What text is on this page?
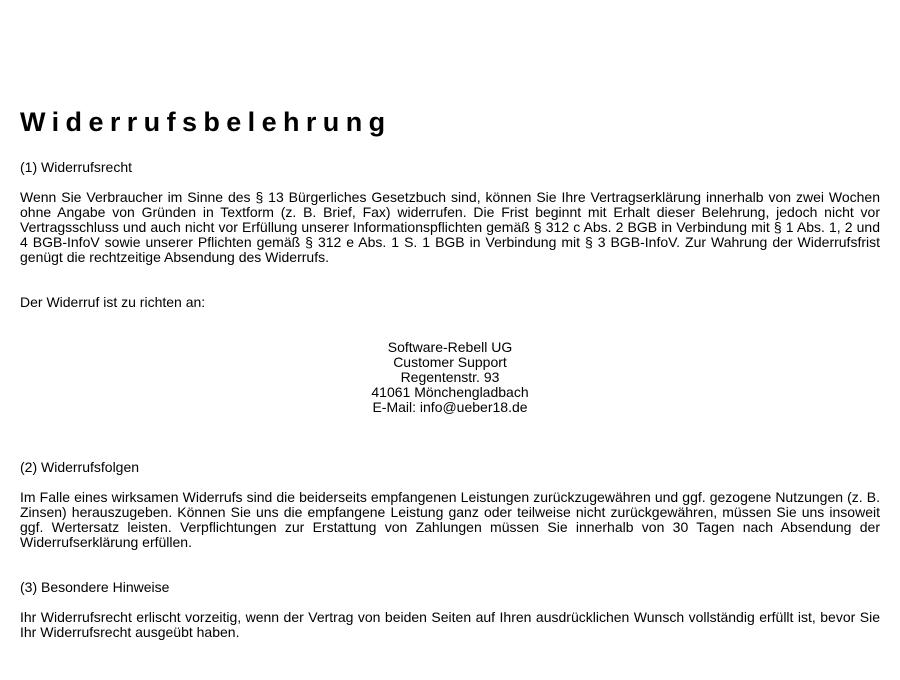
Widerrufsbelehrung

(1) Widerrufsrecht

Wenn Sie Verbraucher im Sinne des § 13 Bürgerliches Gesetzbuch sind, können Sie Ihre Vertragserklärung innerhalb von zwei Wochen ohne Angabe von Gründen in Textform (z. B. Brief, Fax) widerrufen. Die Frist beginnt mit Erhalt dieser Belehrung, jedoch nicht vor Vertragsschluss und auch nicht vor Erfüllung unserer Informationspflichten gemäß § 312 c Abs. 2 BGB in Verbindung mit § 1 Abs. 1, 2 und 4 BGB-InfoV sowie unserer Pflichten gemäß § 312 e Abs. 1 S. 1 BGB in Verbindung mit § 3 BGB-InfoV. Zur Wahrung der Widerrufsfrist genügt die rechtzeitige Absendung des Widerrufs.

Der Widerruf ist zu richten an:

Software-Rebell UG
Customer Support
Regentenstr. 93
41061 Mönchengladbach
E-Mail: info@ueber18.de

(2) Widerrufsfolgen

Im Falle eines wirksamen Widerrufs sind die beiderseits empfangenen Leistungen zurückzugewähren und ggf. gezogene Nutzungen (z. B. Zinsen) herauszugeben. Können Sie uns die empfangene Leistung ganz oder teilweise nicht zurückgewähren, müssen Sie uns insoweit ggf. Wertersatz leisten. Verpflichtungen zur Erstattung von Zahlungen müssen Sie innerhalb von 30 Tagen nach Absendung der Widerrufserklärung erfüllen.

(3) Besondere Hinweise

Ihr Widerrufsrecht erlischt vorzeitig, wenn der Vertrag von beiden Seiten auf Ihren ausdrücklichen Wunsch vollständig erfüllt ist, bevor Sie Ihr Widerrufsrecht ausgeübt haben.
